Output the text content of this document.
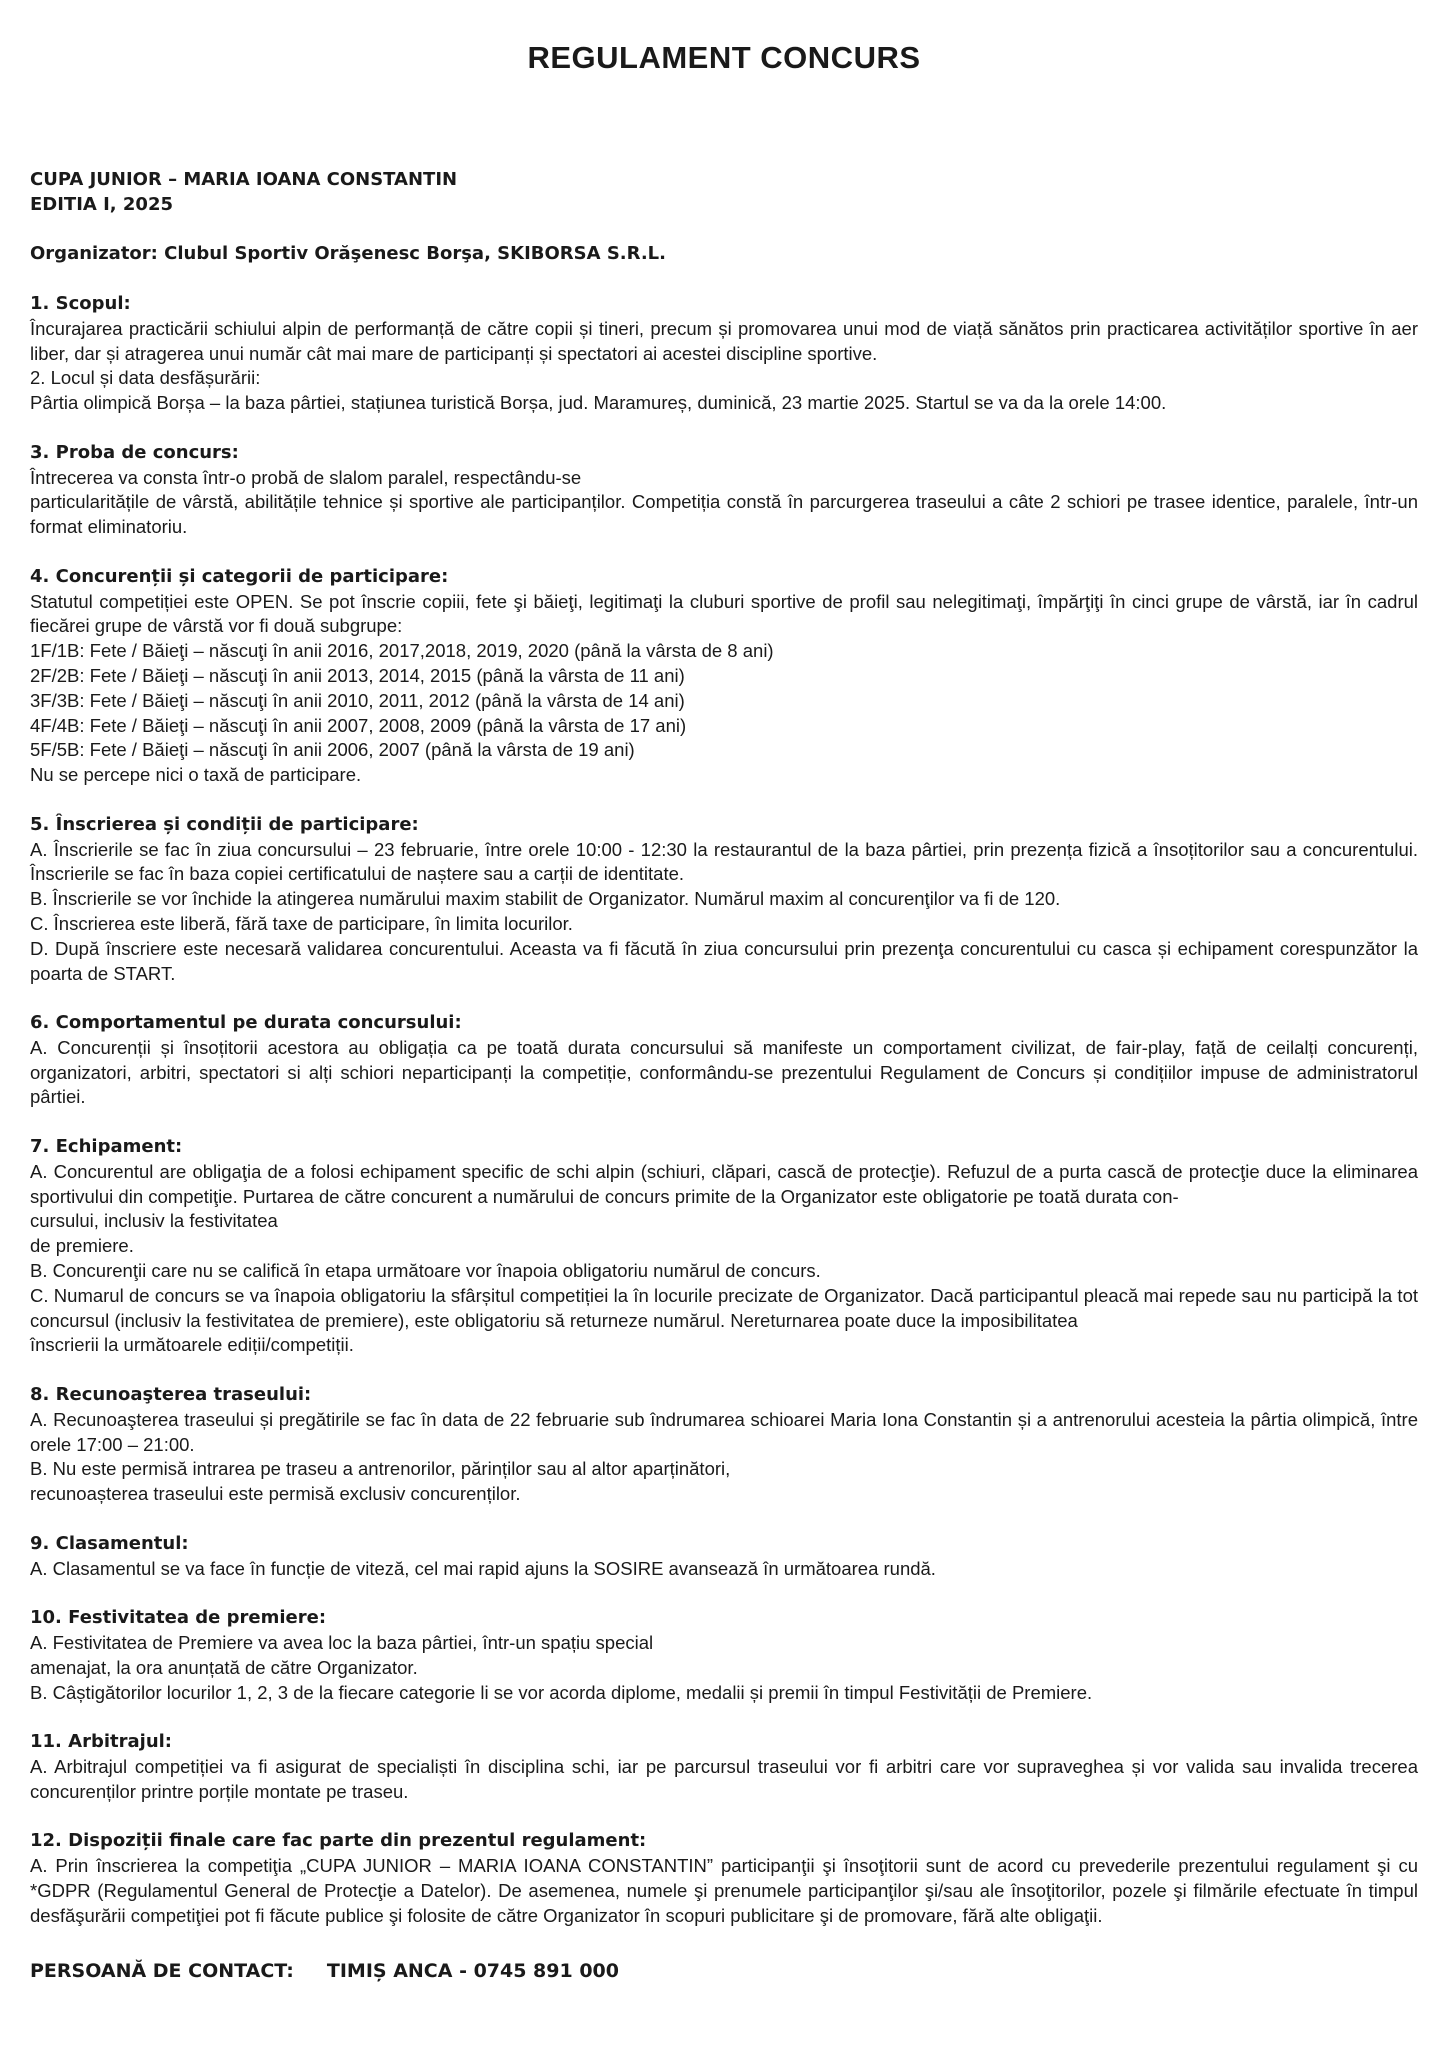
REGULAMENT CONCURS
CUPA JUNIOR – MARIA IOANA CONSTANTIN
EDITIA I, 2025
Organizator: Clubul Sportiv Orăşenesc Borşa, SKIBORSA S.R.L.
1. Scopul:
Încurajarea practicării schiului alpin de performanță de către copii și tineri, precum și promovarea unui mod de viață sănătos prin practicarea activităților sportive în aer liber, dar și atragerea unui număr cât mai mare de participanți și spectatori ai acestei discipline sportive.
2. Locul și data desfășurării:
Pârtia olimpică Borșa – la baza pârtiei, stațiunea turistică Borșa, jud. Maramureș, duminică, 23 martie 2025. Startul se va da la orele 14:00.
3. Proba de concurs:
Întrecerea va consta într-o probă de slalom paralel, respectându-se
particularitățile de vârstă, abilitățile tehnice și sportive ale participanților. Competiția constă în parcurgerea traseului a câte 2 schiori pe trasee identice, paralele, într-un format eliminatoriu.
4. Concurenții și categorii de participare:
Statutul competiției este OPEN. Se pot înscrie copiii, fete şi băieţi, legitimaţi la cluburi sportive de profil sau nelegitimaţi, împărţiţi în cinci grupe de vârstă, iar în cadrul fiecărei grupe de vârstă vor fi două subgrupe:
1F/1B: Fete / Băieţi – născuţi în anii 2016, 2017,2018, 2019, 2020 (până la vârsta de 8 ani)
2F/2B: Fete / Băieţi – născuţi în anii 2013, 2014, 2015 (până la vârsta de 11 ani)
3F/3B: Fete / Băieţi – născuţi în anii 2010, 2011, 2012 (până la vârsta de 14 ani)
4F/4B: Fete / Băieţi – născuţi în anii 2007, 2008, 2009 (până la vârsta de 17 ani)
5F/5B: Fete / Băieţi – născuţi în anii 2006, 2007 (până la vârsta de 19 ani)
Nu se percepe nici o taxă de participare.
5. Înscrierea și condiții de participare:
A. Înscrierile se fac în ziua concursului – 23 februarie, între orele 10:00 - 12:30 la restaurantul de la baza pârtiei, prin prezența fizică a însoțitorilor sau a concurentului. Înscrierile se fac în baza copiei certificatului de naștere sau a carții de identitate.
B. Înscrierile se vor închide la atingerea numărului maxim stabilit de Organizator. Numărul maxim al concurenţilor va fi de 120.
C. Înscrierea este liberă, fără taxe de participare, în limita locurilor.
D. După înscriere este necesară validarea concurentului. Aceasta va fi făcută în ziua concursului prin prezenţa concurentului cu casca și echipament corespunzător la poarta de START.
6. Comportamentul pe durata concursului:
A. Concurenții și însoțitorii acestora au obligația ca pe toată durata concursului să manifeste un comportament civilizat, de fair-play, față de ceilalți concurenți, organizatori, arbitri, spectatori si alți schiori neparticipanți la competiție, conformându-se prezentului Regulament de Concurs și condițiilor impuse de administratorul pârtiei.
7. Echipament:
A. Concurentul are obligaţia de a folosi echipament specific de schi alpin (schiuri, clăpari, cască de protecţie). Refuzul de a purta cască de protecţie duce la eliminarea sportivului din competiţie. Purtarea de către concurent a numărului de concurs primite de la Organizator este obligatorie pe toată durata con-
cursului, inclusiv la festivitatea
de premiere.
B. Concurenţii care nu se califică în etapa următoare vor înapoia obligatoriu numărul de concurs.
C. Numarul de concurs se va înapoia obligatoriu la sfârșitul competiției la în locurile precizate de Organizator. Dacă participantul pleacă mai repede sau nu participă la tot concursul (inclusiv la festivitatea de premiere), este obligatoriu să returneze numărul. Nereturnarea poate duce la imposibilitatea
înscrierii la următoarele ediții/competiții.
8. Recunoaşterea traseului:
A. Recunoaşterea traseului și pregătirile se fac în data de 22 februarie sub îndrumarea schioarei Maria Iona Constantin și a antrenorului acesteia la pârtia olimpică, între orele 17:00 – 21:00.
B. Nu este permisă intrarea pe traseu a antrenorilor, părinților sau al altor aparținători,
recunoașterea traseului este permisă exclusiv concurenților.
9. Clasamentul:
A. Clasamentul se va face în funcție de viteză, cel mai rapid ajuns la SOSIRE avansează în următoarea rundă.
10. Festivitatea de premiere:
A. Festivitatea de Premiere va avea loc la baza pârtiei, într-un spațiu special
amenajat, la ora anunțată de către Organizator.
B. Câștigătorilor locurilor 1, 2, 3 de la fiecare categorie li se vor acorda diplome, medalii și premii în timpul Festivității de Premiere.
11. Arbitrajul:
A. Arbitrajul competiției va fi asigurat de specialiști în disciplina schi, iar pe parcursul traseului vor fi arbitri care vor supraveghea și vor valida sau invalida trecerea concurenților printre porțile montate pe traseu.
12. Dispoziții finale care fac parte din prezentul regulament:
A. Prin înscrierea la competiţia „CUPA JUNIOR – MARIA IOANA CONSTANTIN” participanţii şi însoţitorii sunt de acord cu prevederile prezentului regulament şi cu *GDPR (Regulamentul General de Protecţie a Datelor). De asemenea, numele şi prenumele participanţilor şi/sau ale însoţitorilor, pozele şi filmările efectuate în timpul desfăşurării competiţiei pot fi făcute publice şi folosite de către Organizator în scopuri publicitare şi de promovare, fără alte obligaţii.
PERSOANĂ DE CONTACT: TIMIȘ ANCA - 0745 891 000
